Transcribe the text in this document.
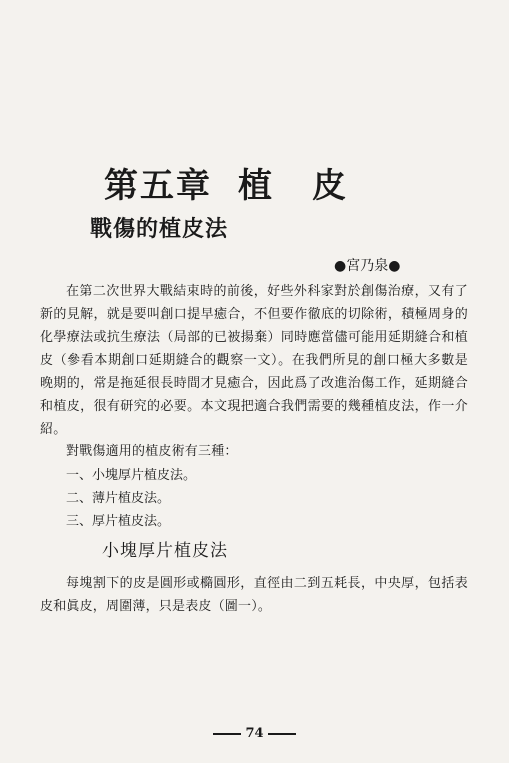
第五章 植 皮
戰傷的植皮法
●宮乃泉●
在第二次世界大戰結束時的前後，好些外科家對於創傷治療，又有了新的見解，就是要叫創口提早癒合，不但要作徹底的切除術，積極周身的化學療法或抗生療法（局部的已被揚棄）同時應當儘可能用延期縫合和植皮（參看本期創口延期縫合的觀察一文）。在我們所見的創口極大多數是晚期的，常是拖延很長時間才見癒合，因此爲了改進治傷工作，延期縫合和植皮，很有研究的必要。本文現把適合我們需要的幾種植皮法，作一介紹。
對戰傷適用的植皮術有三種：
一、小塊厚片植皮法。
二、薄片植皮法。
三、厚片植皮法。
小塊厚片植皮法
每塊割下的皮是圓形或橢圓形，直徑由二到五耗長，中央厚，包括表皮和眞皮，周圍薄，只是表皮（圖一）。
74
